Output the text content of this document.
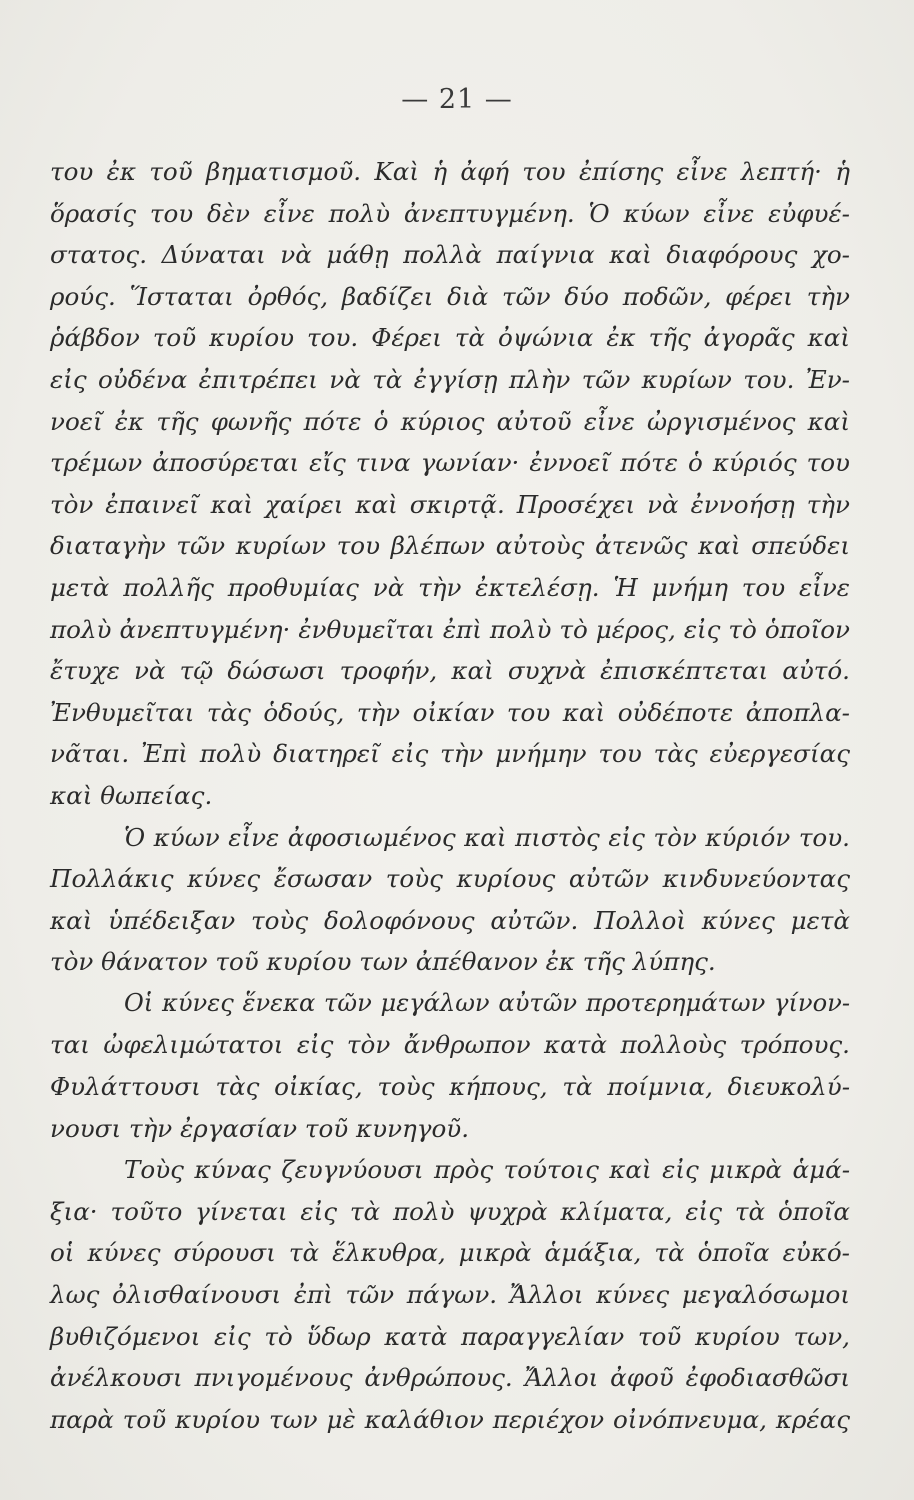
— 21 —
του ἐκ τοῦ βηματισμοῦ. Καὶ ἡ ἀφή του ἐπίσης εἶνε λεπτή· ἡ
ὅρασίς του δὲν εἶνε πολὺ ἀνεπτυγμένη. Ὁ κύων εἶνε εὐφυέ-
στατος. Δύναται νὰ μάθῃ πολλὰ παίγνια καὶ διαφόρους χο-
ρούς. Ἵσταται ὀρθός, βαδίζει διὰ τῶν δύο ποδῶν, φέρει τὴν
ῥάβδον τοῦ κυρίου του. Φέρει τὰ ὀψώνια ἐκ τῆς ἀγορᾶς καὶ
εἰς οὐδένα ἐπιτρέπει νὰ τὰ ἐγγίσῃ πλὴν τῶν κυρίων του. Ἐν-
νοεῖ ἐκ τῆς φωνῆς πότε ὁ κύριος αὐτοῦ εἶνε ὠργισμένος καὶ
τρέμων ἀποσύρεται εἴς τινα γωνίαν· ἐννοεῖ πότε ὁ κύριός του
τὸν ἐπαινεῖ καὶ χαίρει καὶ σκιρτᾷ. Προσέχει νὰ ἐννοήσῃ τὴν
διαταγὴν τῶν κυρίων του βλέπων αὐτοὺς ἀτενῶς καὶ σπεύδει
μετὰ πολλῆς προθυμίας νὰ τὴν ἐκτελέσῃ. Ἡ μνήμη του εἶνε
πολὺ ἀνεπτυγμένη· ἐνθυμεῖται ἐπὶ πολὺ τὸ μέρος, εἰς τὸ ὁποῖον
ἔτυχε νὰ τῷ δώσωσι τροφήν, καὶ συχνὰ ἐπισκέπτεται αὐτό.
Ἐνθυμεῖται τὰς ὁδούς, τὴν οἰκίαν του καὶ οὐδέποτε ἀποπλα-
νᾶται. Ἐπὶ πολὺ διατηρεῖ εἰς τὴν μνήμην του τὰς εὐεργεσίας
καὶ θωπείας.
Ὁ κύων εἶνε ἀφοσιωμένος καὶ πιστὸς εἰς τὸν κύριόν του.
Πολλάκις κύνες ἔσωσαν τοὺς κυρίους αὐτῶν κινδυνεύοντας
καὶ ὑπέδειξαν τοὺς δολοφόνους αὐτῶν. Πολλοὶ κύνες μετὰ
τὸν θάνατον τοῦ κυρίου των ἀπέθανον ἐκ τῆς λύπης.
Οἱ κύνες ἕνεκα τῶν μεγάλων αὐτῶν προτερημάτων γίνον-
ται ὠφελιμώτατοι εἰς τὸν ἄνθρωπον κατὰ πολλοὺς τρόπους.
Φυλάττουσι τὰς οἰκίας, τοὺς κήπους, τὰ ποίμνια, διευκολύ-
νουσι τὴν ἐργασίαν τοῦ κυνηγοῦ.
Τοὺς κύνας ζευγνύουσι πρὸς τούτοις καὶ εἰς μικρὰ ἁμά-
ξια· τοῦτο γίνεται εἰς τὰ πολὺ ψυχρὰ κλίματα, εἰς τὰ ὁποῖα
οἱ κύνες σύρουσι τὰ ἕλκυθρα, μικρὰ ἁμάξια, τὰ ὁποῖα εὐκό-
λως ὀλισθαίνουσι ἐπὶ τῶν πάγων. Ἄλλοι κύνες μεγαλόσωμοι
βυθιζόμενοι εἰς τὸ ὕδωρ κατὰ παραγγελίαν τοῦ κυρίου των,
ἀνέλκουσι πνιγομένους ἀνθρώπους. Ἄλλοι ἀφοῦ ἐφοδιασθῶσι
παρὰ τοῦ κυρίου των μὲ καλάθιον περιέχον οἰνόπνευμα, κρέας
